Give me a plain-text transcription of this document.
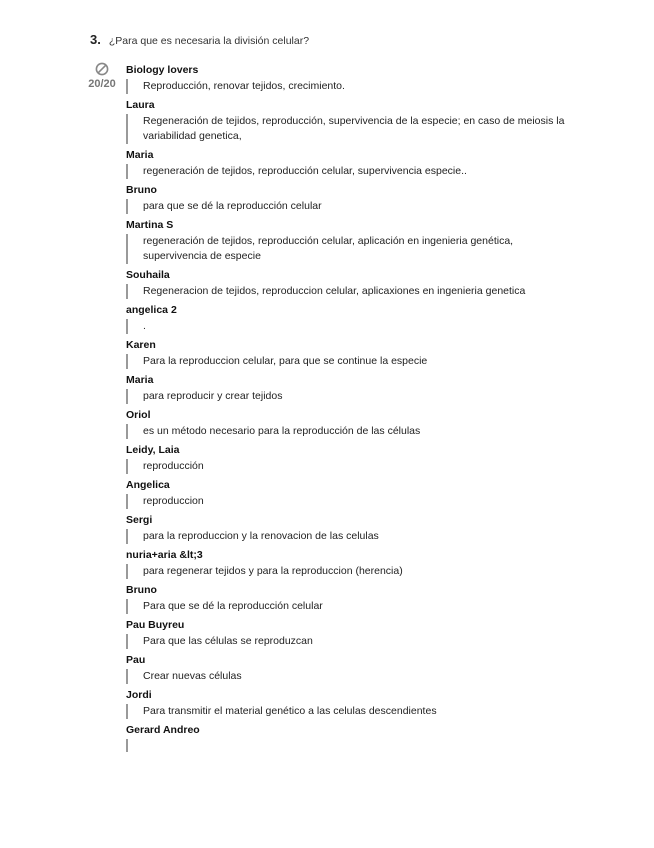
3. ¿Para que es necesaria la división celular?
20/20
Biology lovers
Reproducción, renovar tejidos, crecimiento.
Laura
Regeneración de tejidos, reproducción, supervivencia de la especie; en caso de meiosis la variabilidad genetica,
Maria
regeneración de tejidos, reproducción celular, supervivencia especie..
Bruno
para que se dé la reproducción celular
Martina S
regeneración de tejidos, reproducción celular, aplicación en ingenieria genética, supervivencia de especie
Souhaila
Regeneracion de tejidos, reproduccion celular, aplicaxiones en ingenieria genetica
angelica 2
.
Karen
Para la reproduccion celular, para que se continue la especie
Maria
para reproducir y crear tejidos
Oriol
es un método necesario para la reproducción de las células
Leidy, Laia
reproducción
Angelica
reproduccion
Sergi
para la reproduccion y la renovacion de las celulas
nuria+aria &lt;3
para regenerar tejidos y para la reproduccion (herencia)
Bruno
Para que se dé la reproducción celular
Pau Buyreu
Para que las células se reproduzcan
Pau
Crear nuevas células
Jordi
Para transmitir el material genético a las celulas descendientes
Gerard Andreo
